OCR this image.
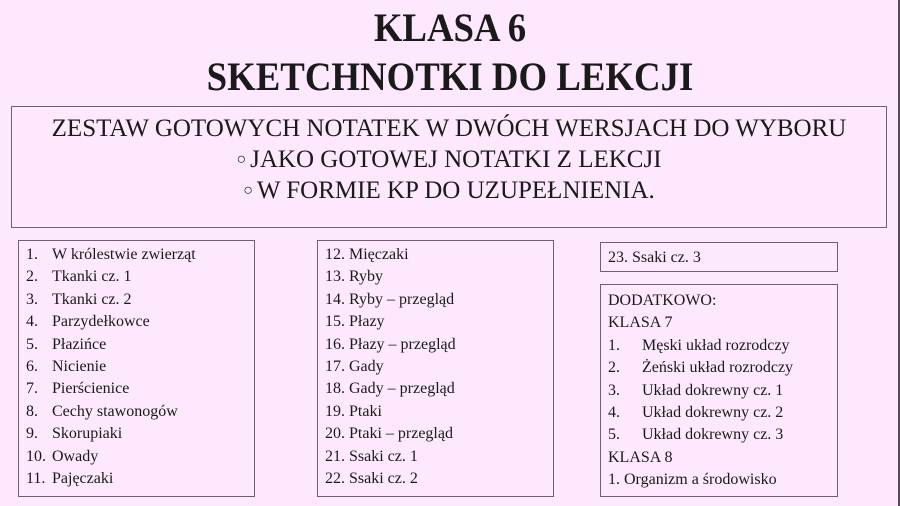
KLASA 6
SKETCHNOTKI DO LEKCJI
ZESTAW GOTOWYCH NOTATEK W DWÓCH WERSJACH DO WYBORU
○ JAKO GOTOWEJ NOTATKI Z LEKCJI
○ W FORMIE KP DO UZUPEŁNIENIA.
1. W królestwie zwierząt
2. Tkanki cz. 1
3. Tkanki cz. 2
4. Parzydełkowce
5. Płazińce
6. Nicienie
7. Pierścienice
8. Cechy stawonogów
9. Skorupiaki
10. Owady
11. Pajęczaki
12. Mięczaki
13. Ryby
14. Ryby – przegląd
15. Płazy
16. Płazy – przegląd
17. Gady
18. Gady – przegląd
19. Ptaki
20. Ptaki – przegląd
21. Ssaki cz. 1
22. Ssaki cz. 2
23. Ssaki cz. 3
DODATKOWO:
KLASA 7
1. Męski układ rozrodczy
2. Żeński układ rozrodczy
3. Układ dokrewny cz. 1
4. Układ dokrewny cz. 2
5. Układ dokrewny cz. 3
KLASA 8
1. Organizm a środowisko
